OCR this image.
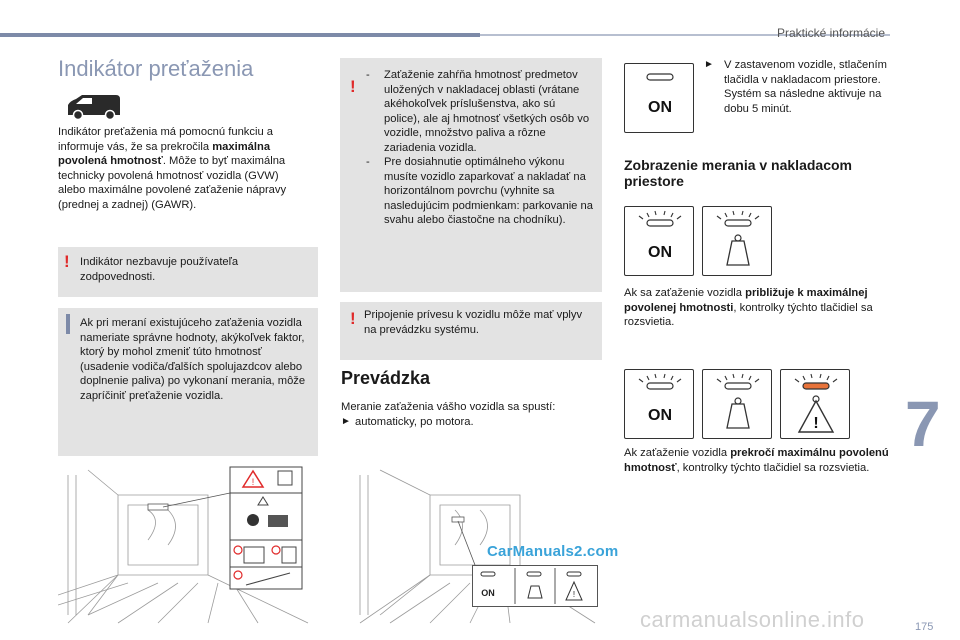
Praktické informácie
Indikátor preťaženia
Indikátor preťaženia má pomocnú funkciu a informuje vás, že sa prekročila maximálna povolená hmotnosť. Môže to byť maximálna technicky povolená hmotnosť vozidla (GVW) alebo maximálne povolené zaťaženie nápravy (prednej a zadnej) (GAWR).
! Indikátor nezbavuje používateľa zodpovednosti.
Ak pri meraní existujúceho zaťaženia vozidla nameriate správne hodnoty, akýkoľvek faktor, ktorý by mohol zmeniť túto hmotnosť (usadenie vodiča/ďalších spolujazdcov alebo doplnenie paliva) po vykonaní merania, môže zapríčiniť preťaženie vozidla.
!
- Zaťaženie zahŕňa hmotnosť predmetov uložených v nakladacej oblasti (vrátane akéhokoľvek príslušenstva, ako sú police), ale aj hmotnosť všetkých osôb vo vozidle, množstvo paliva a rôzne zariadenia vozidla.
- Pre dosiahnutie optimálneho výkonu musíte vozidlo zaparkovať a nakladať na horizontálnom povrchu (vyhnite sa nasledujúcim podmienkam: parkovanie na svahu alebo čiastočne na chodníku).
! Pripojenie prívesu k vozidlu môže mať vplyv na prevádzku systému.
Prevádzka
Meranie zaťaženia vášho vozidla sa spustí:
► automaticky, po motora.
!
ON	!
CarManuals2.com
ON
► V zastavenom vozidle, stlačením tlačidla v nakladacom priestore. Systém sa následne aktivuje na dobu 5 minút.
Zobrazenie merania v nakladacom priestore
ON
Ak sa zaťaženie vozidla približuje k maximálnej povolenej hmotnosti, kontrolky týchto tlačidiel sa rozsvietia.
ON	!
Ak zaťaženie vozidla prekročí maximálnu povolenú hmotnosť, kontrolky týchto tlačidiel sa rozsvietia.
7
175
carmanualsonline.info
